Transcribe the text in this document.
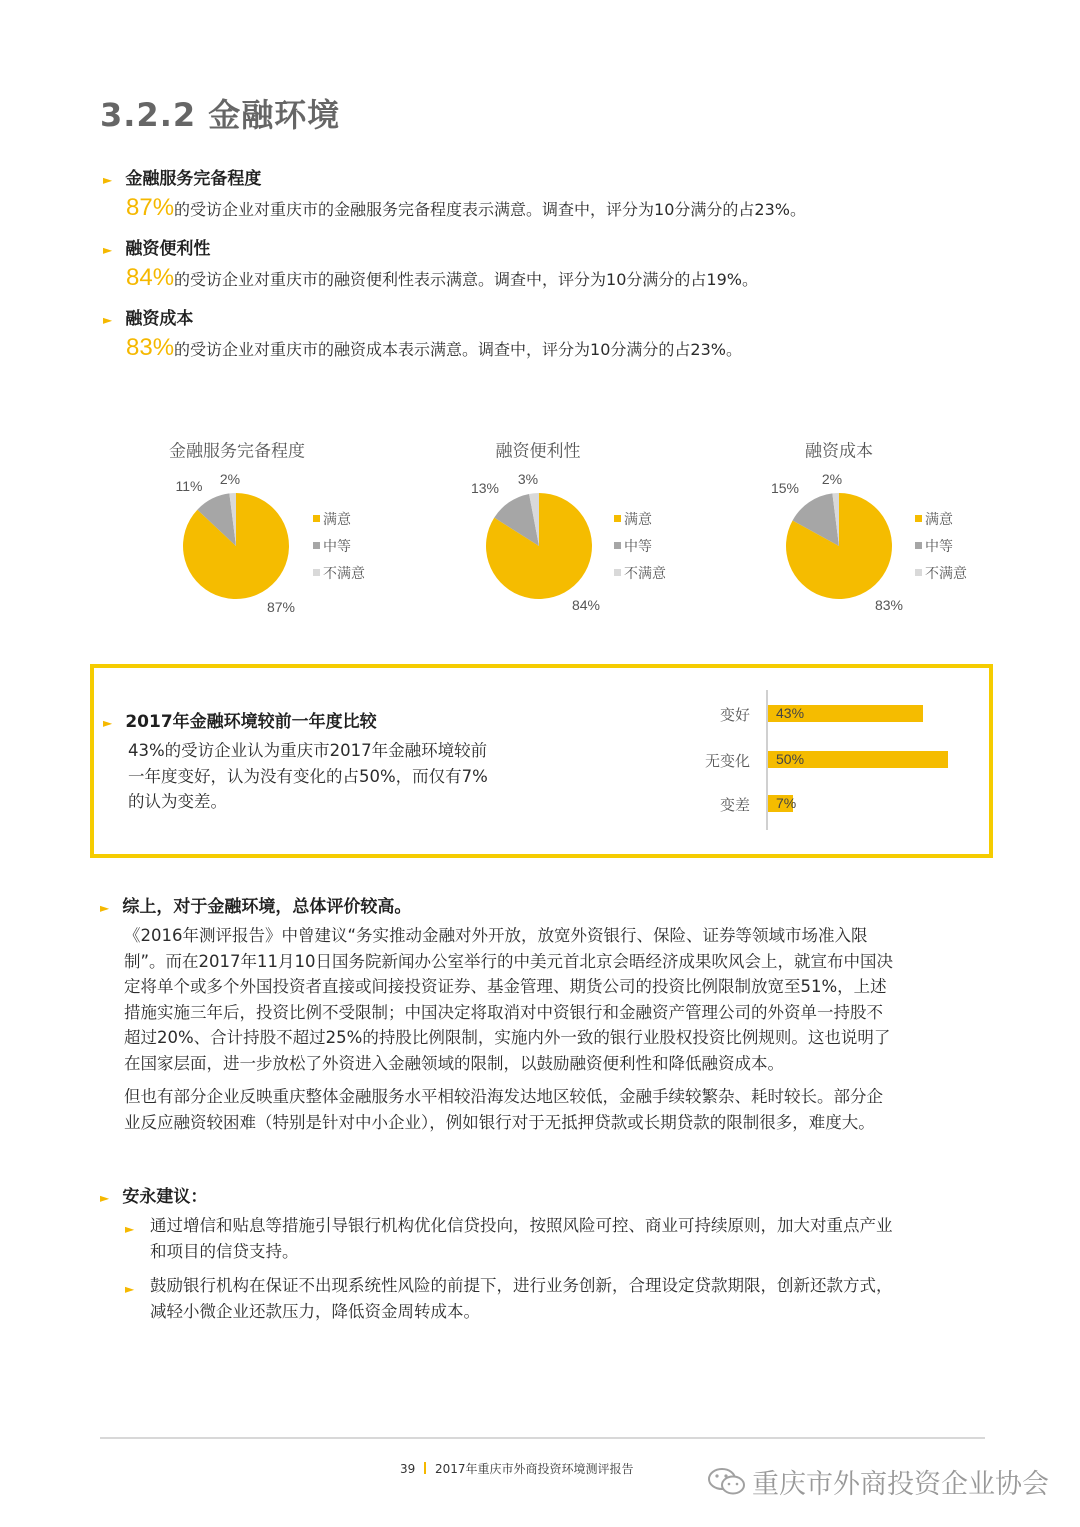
3.2.2 金融环境
► 金融服务完备程度
87%的受访企业对重庆市的金融服务完备程度表示满意。调查中，评分为10分满分的占23%。
► 融资便利性
84%的受访企业对重庆市的融资便利性表示满意。调查中，评分为10分满分的占19%。
► 融资成本
83%的受访企业对重庆市的融资成本表示满意。调查中，评分为10分满分的占23%。
金融服务完备程度
11% 2%
87%
满意
中等
不满意
融资便利性
13%
3%
84%
满意
中等
不满意
融资成本
15%
2%
83%
满意
中等
不满意
► 2017年金融环境较前一年度比较
43%的受访企业认为重庆市2017年金融环境较前
一年度变好，认为没有变化的占50%，而仅有7%
的认为变差。
变好 43%
无变化 50%
变差 7%
► 综上，对于金融环境，总体评价较高。
《2016年测评报告》中曾建议“务实推动金融对外开放，放宽外资银行、保险、证券等领域市场准入限
制”。而在2017年11月10日国务院新闻办公室举行的中美元首北京会晤经济成果吹风会上，就宣布中国决
定将单个或多个外国投资者直接或间接投资证券、基金管理、期货公司的投资比例限制放宽至51%，上述
措施实施三年后，投资比例不受限制；中国决定将取消对中资银行和金融资产管理公司的外资单一持股不
超过20%、合计持股不超过25%的持股比例限制，实施内外一致的银行业股权投资比例规则。这也说明了
在国家层面，进一步放松了外资进入金融领域的限制，以鼓励融资便利性和降低融资成本。
但也有部分企业反映重庆整体金融服务水平相较沿海发达地区较低，金融手续较繁杂、耗时较长。部分企
业反应融资较困难（特别是针对中小企业），例如银行对于无抵押贷款或长期贷款的限制很多，难度大。
► 安永建议：
► 通过增信和贴息等措施引导银行机构优化信贷投向，按照风险可控、商业可持续原则，加大对重点产业
和项目的信贷支持。
► 鼓励银行机构在保证不出现系统性风险的前提下，进行业务创新，合理设定贷款期限，创新还款方式，
减轻小微企业还款压力，降低资金周转成本。
39 2017年重庆市外商投资环境测评报告	重庆市外商投资企业协会
